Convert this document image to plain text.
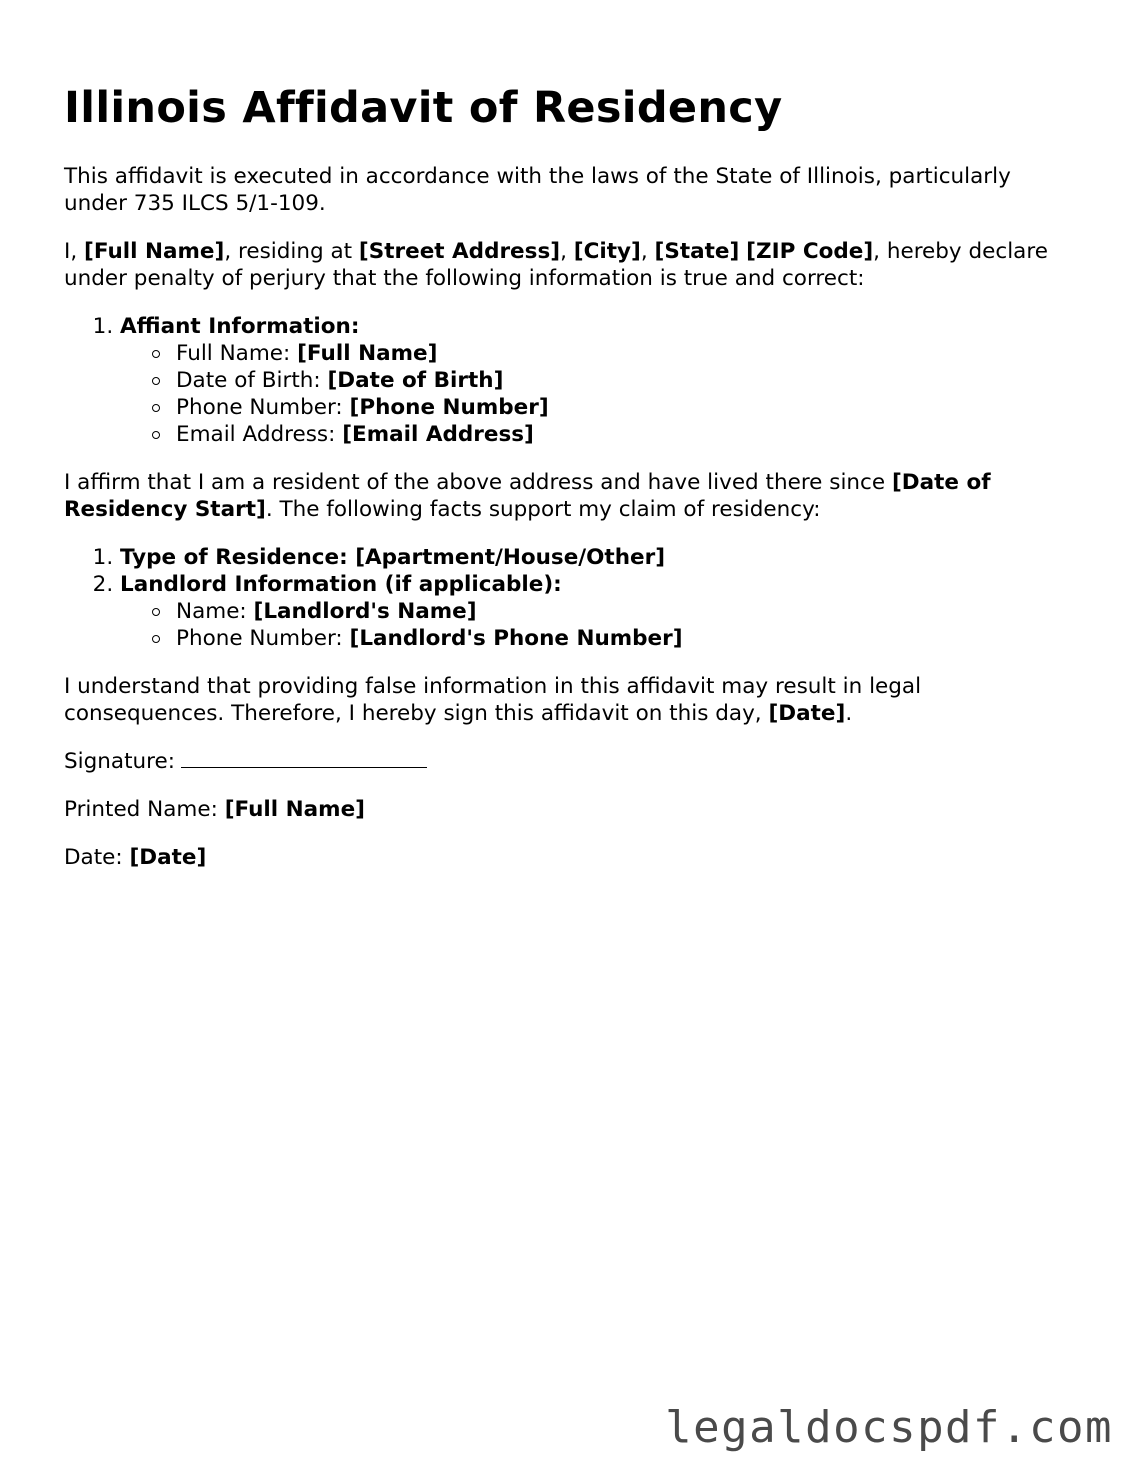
Illinois Affidavit of Residency

This affidavit is executed in accordance with the laws of the State of Illinois, particularly under 735 ILCS 5/1-109.

I, [Full Name], residing at [Street Address], [City], [State] [ZIP Code], hereby declare under penalty of perjury that the following information is true and correct:

1. Affiant Information:
Full Name: [Full Name]
Date of Birth: [Date of Birth]
Phone Number: [Phone Number]
Email Address: [Email Address]

I affirm that I am a resident of the above address and have lived there since [Date of Residency Start]. The following facts support my claim of residency:

1. Type of Residence: [Apartment/House/Other]
2. Landlord Information (if applicable):
Name: [Landlord's Name]
Phone Number: [Landlord's Phone Number]

I understand that providing false information in this affidavit may result in legal consequences. Therefore, I hereby sign this affidavit on this day, [Date].

Signature:

Printed Name: [Full Name]

Date: [Date]

legaldocspdf.com
